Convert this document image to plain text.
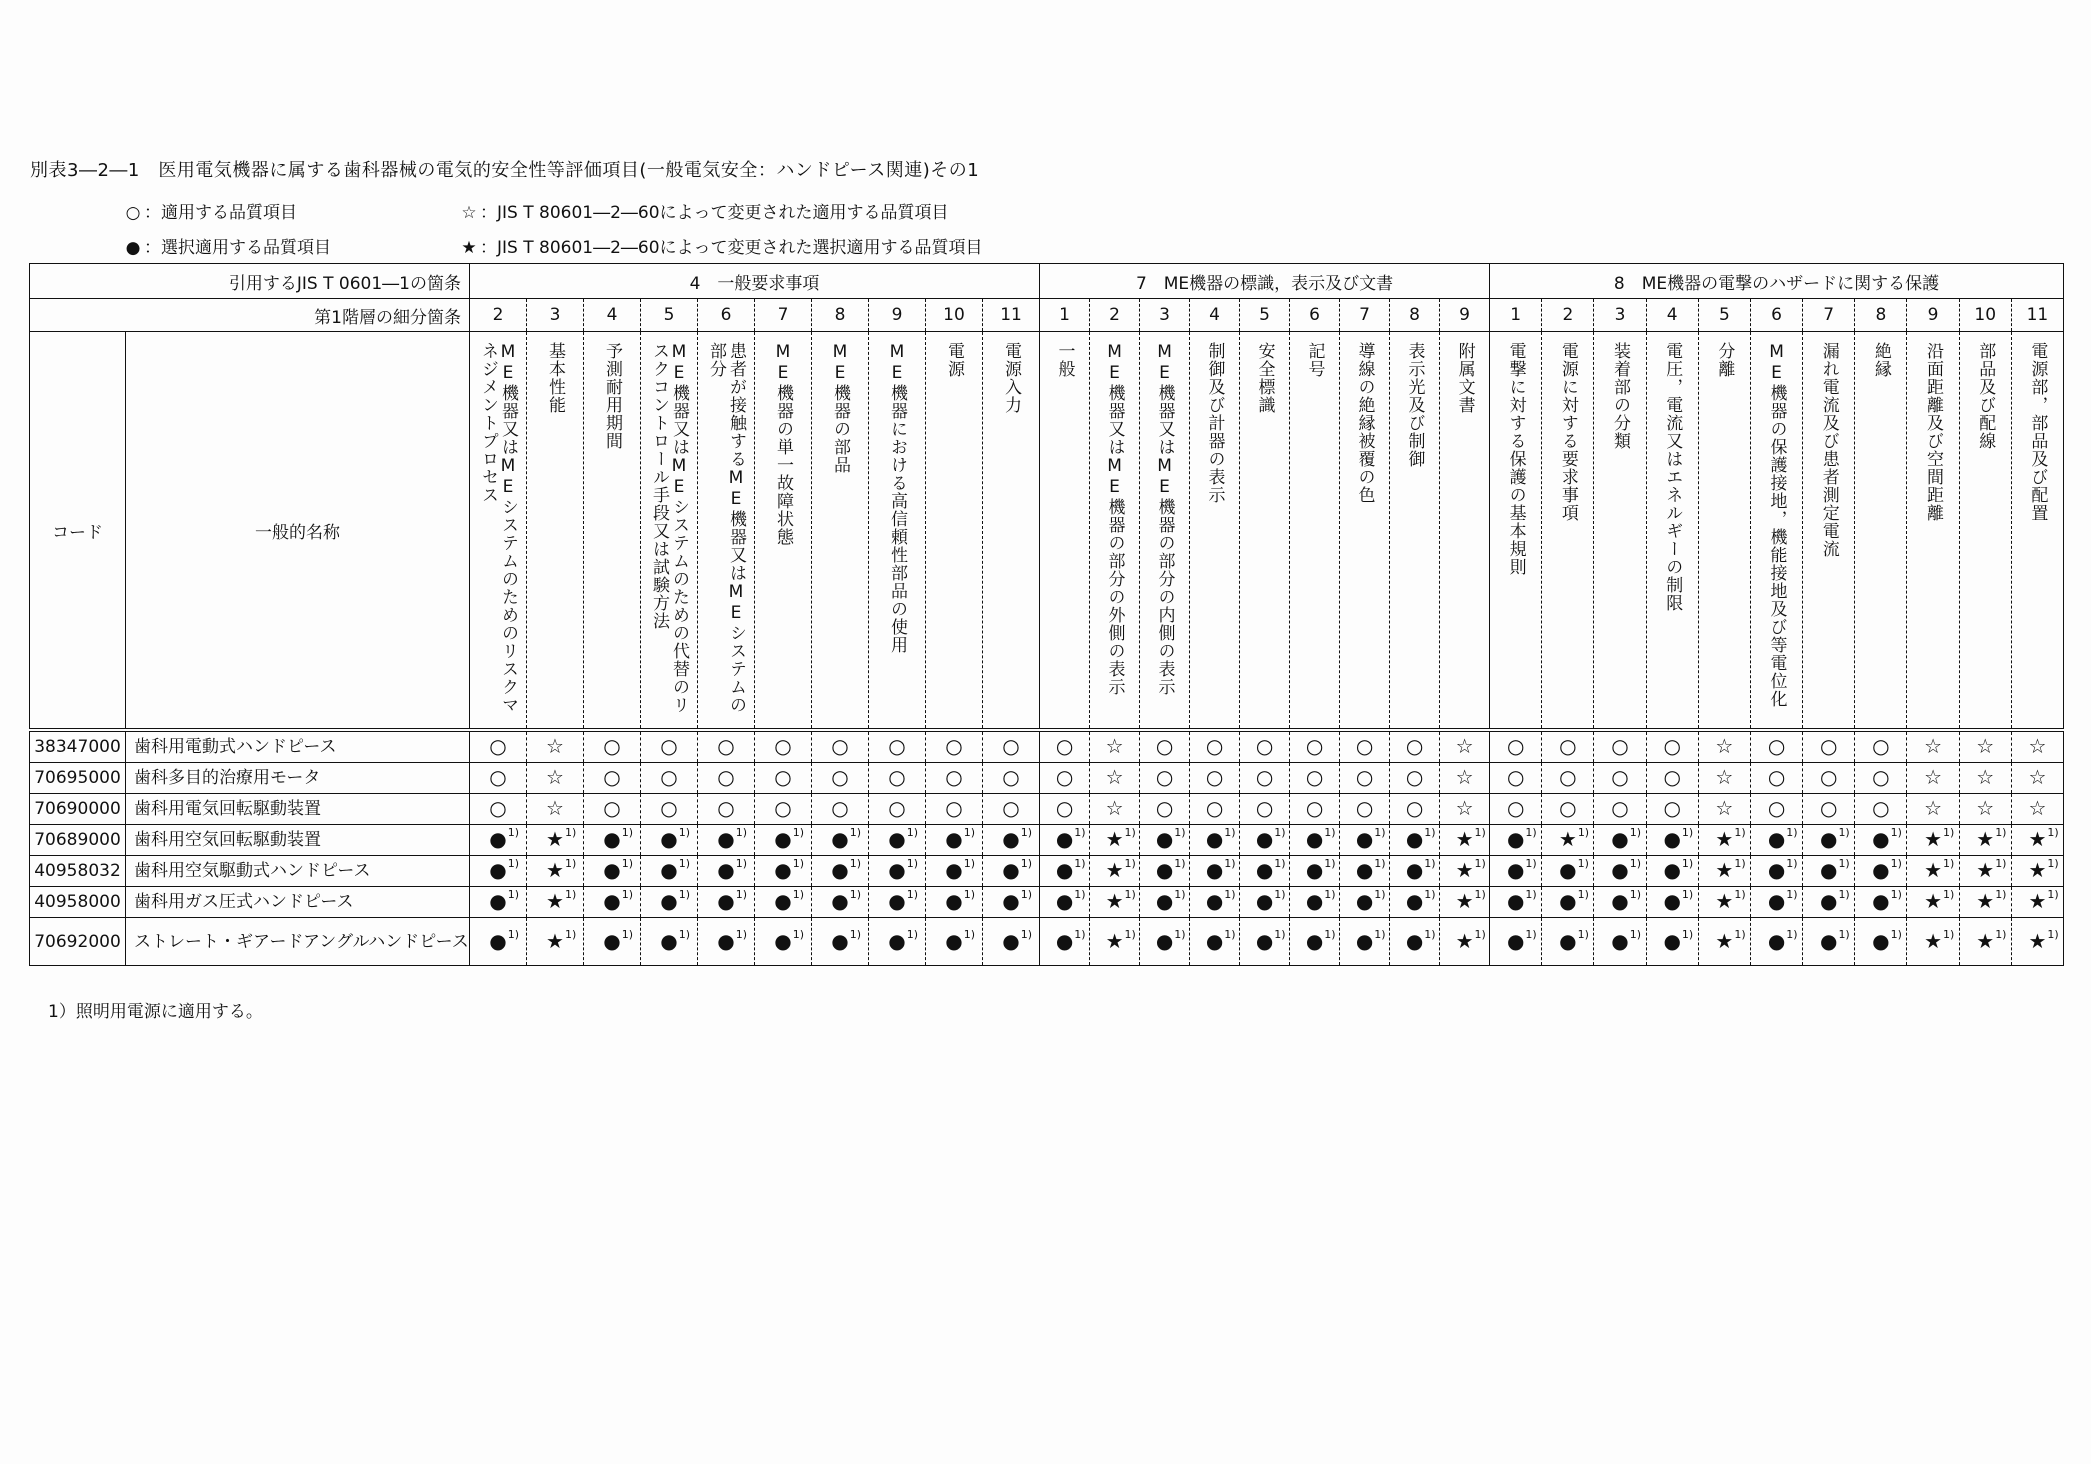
別表3―2―1　医用電気機器に属する歯科器械の電気的安全性等評価項目(一般電気安全：ハンドピース関連)その1
○ ：適用する品質項目	☆ ：JIS T 80601―2―60によって変更された適用する品質項目
● ：選択適用する品質項目	★ ：JIS T 80601―2―60によって変更された選択適用する品質項目
引用するJIS T 0601―1の箇条		4　一般要求事項										7　ME機器の標識，表示及び文書									8　ME機器の電撃のハザードに関する保護										
第1階層の細分箇条		2	3	4	5	6	7	8	9	10	11	1	2	3	4	5	6	7	8	9	1	2	3	4	5	6	7	8	9	10	11
コード	一般的名称	ME機器又はMEシステムのためのリスクマネジメントプロセス	基本性能	予測耐用期間	ME機器又はMEシステムのための代替のリスクコントロール手段又は試験方法	患者が接触するME機器又はMEシステムの部分	ME機器の単一故障状態	ME機器の部品	ME機器における高信頼性部品の使用	電源	電源入力	一般	ME機器又はME機器の部分の外側の表示	ME機器又はME機器の部分の内側の表示	制御及び計器の表示	安全標識	記号	導線の絶縁被覆の色	表示光及び制御	附属文書	電撃に対する保護の基本規則	電源に対する要求事項	装着部の分類	電圧，電流又はエネルギーの制限	分離	ME機器の保護接地，機能接地及び等電位化	漏れ電流及び患者測定電流	絶縁	沿面距離及び空間距離	部品及び配線	電源部，部品及び配置

38347000	歯科用電動式ハンドピース	○	☆	○	○	○	○	○	○	○	○	○	☆	○	○	○	○	○	○	☆	○	○	○	○	☆	○	○	○	☆	☆	☆
70695000	歯科多目的治療用モータ	○	☆	○	○	○	○	○	○	○	○	○	☆	○	○	○	○	○	○	☆	○	○	○	○	☆	○	○	○	☆	☆	☆
70690000	歯科用電気回転駆動装置	○	☆	○	○	○	○	○	○	○	○	○	☆	○	○	○	○	○	○	☆	○	○	○	○	☆	○	○	○	☆	☆	☆
70689000	歯科用空気回転駆動装置	● 1)	★ 1)	● 1)	● 1)	● 1)	● 1)	● 1)	● 1)	● 1)	● 1)	● 1)	★ 1)	● 1)	● 1)	● 1)	● 1)	● 1)	● 1)	★ 1)	● 1)	★ 1)	● 1)	● 1)	★ 1)	● 1)	● 1)	● 1)	★ 1)	★ 1)	★ 1)

40958032	歯科用空気駆動式ハンドピース	● 1)	★ 1)	● 1)	● 1)	● 1)	● 1)	● 1)	● 1)	● 1)	● 1)	● 1)	★ 1)	● 1)	● 1)	● 1)	● 1)	● 1)	● 1)	★ 1)	● 1)	● 1)	● 1)	● 1)	★ 1)	● 1)	● 1)	● 1)	★ 1)	★ 1)	★ 1)

40958000	歯科用ガス圧式ハンドピース	● 1)	★ 1)	● 1)	● 1)	● 1)	● 1)	● 1)	● 1)	● 1)	● 1)	● 1)	★ 1)	● 1)	● 1)	● 1)	● 1)	● 1)	● 1)	★ 1)	● 1)	● 1)	● 1)	● 1)	★ 1)	● 1)	● 1)	● 1)	★ 1)	★ 1)	★ 1)

70692000	ストレート・ギアードアングルハンドピース	● 1)	★ 1)	● 1)	● 1)	● 1)	● 1)	● 1)	● 1)	● 1)	● 1)	● 1)	★ 1)	● 1)	● 1)	● 1)	● 1)	● 1)	● 1)	★ 1)	● 1)	● 1)	● 1)	● 1)	★ 1)	● 1)	● 1)	● 1)	★ 1)	★ 1)	★ 1)
1）照明用電源に適用する。
